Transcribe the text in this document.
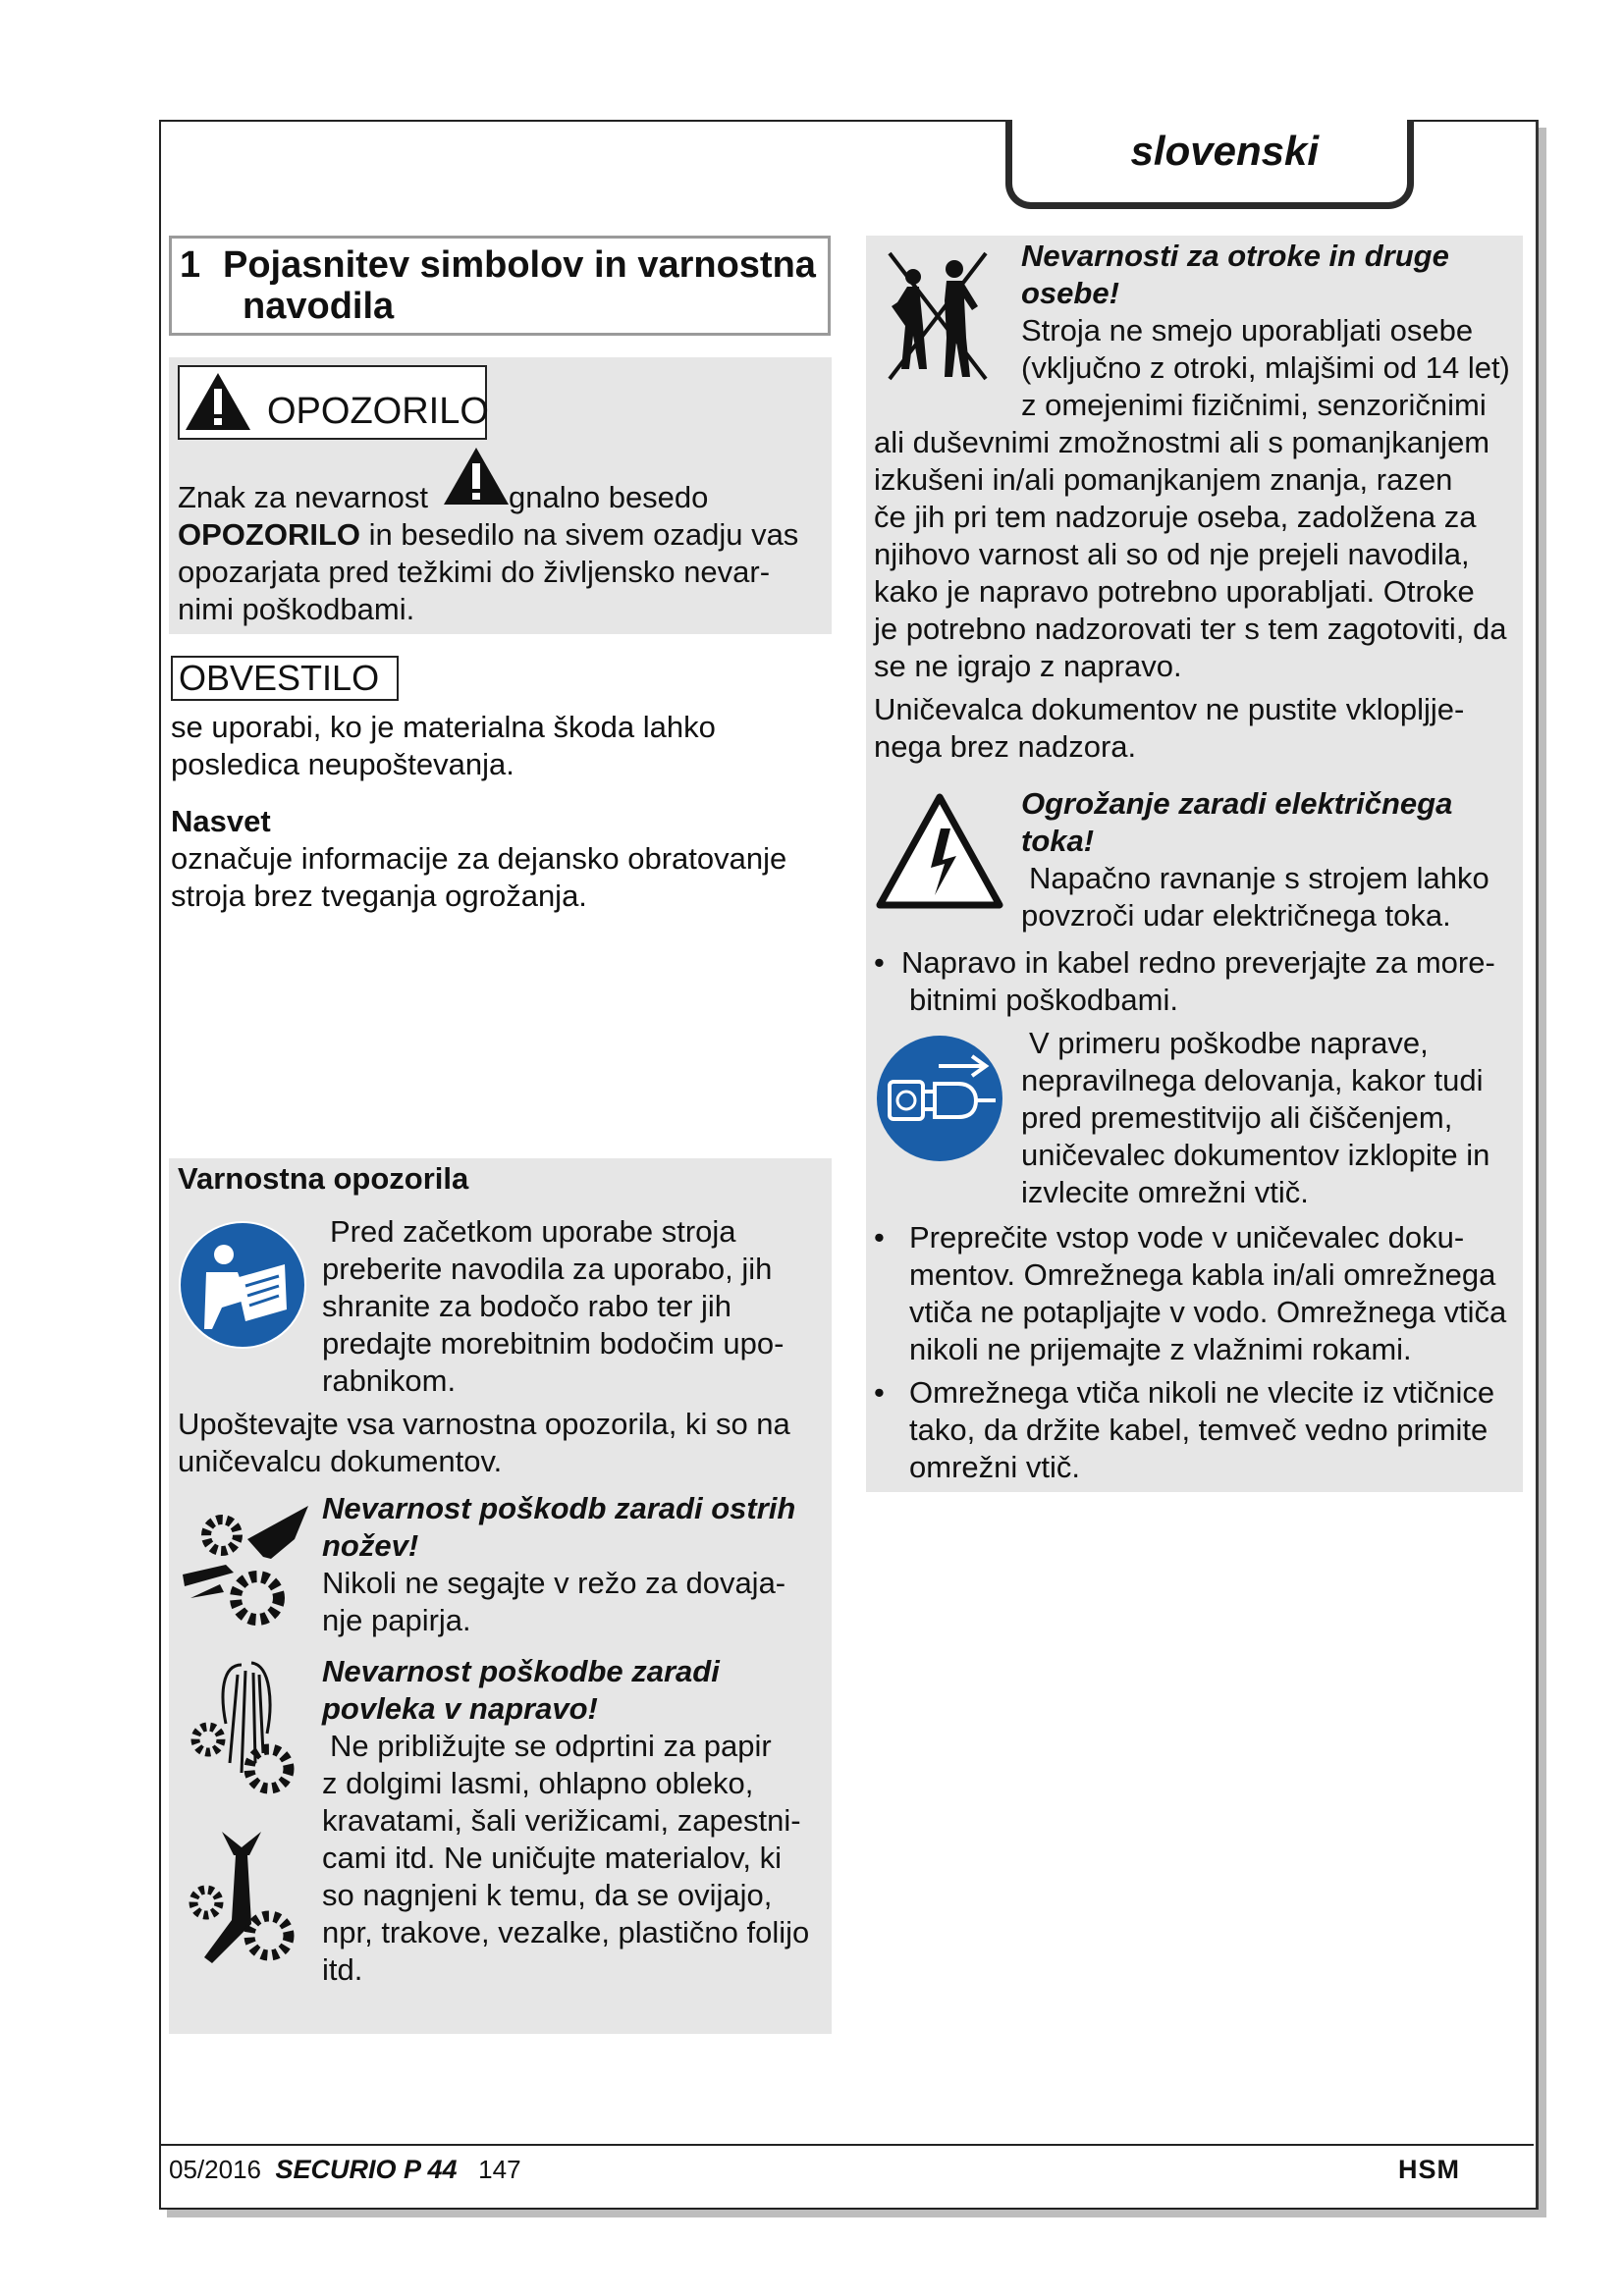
slovenski
1 Pojasnitev simbolov in varnostna
navodila
OPOZORILO
Znak za nevarnost	gnalno besedo
OPOZORILO in besedilo na sivem ozadju vas
opozarjata pred težkimi do življensko nevar-
nimi poškodbami.
OBVESTILO
se uporabi, ko je materialna škoda lahko
posledica neupoštevanja.
Nasvet
označuje informacije za dejansko obratovanje
stroja brez tveganja ogrožanja.
Varnostna opozorila
Pred začetkom uporabe stroja
preberite navodila za uporabo, jih
shranite za bodočo rabo ter jih
predajte morebitnim bodočim upo-
rabnikom.
Upoštevajte vsa varnostna opozorila, ki so na
uničevalcu dokumentov.
Nevarnost poškodb zaradi ostrih
nožev!
Nikoli ne segajte v režo za dovaja-
nje papirja.
Nevarnost poškodbe zaradi
povleka v napravo!
Ne približujte se odprtini za papir
z dolgimi lasmi, ohlapno obleko,
kravatami, šali verižicami, zapestni-
cami itd. Ne uničujte materialov, ki
so nagnjeni k temu, da se ovijajo,
npr, trakove, vezalke, plastično folijo
itd.
Nevarnosti za otroke in druge
osebe!
Stroja ne smejo uporabljati osebe
(vključno z otroki, mlajšimi od 14 let)
z omejenimi fizičnimi, senzoričnimi
ali duševnimi zmožnostmi ali s pomanjkanjem
izkušeni in/ali pomanjkanjem znanja, razen
če jih pri tem nadzoruje oseba, zadolžena za
njihovo varnost ali so od nje prejeli navodila,
kako je napravo potrebno uporabljati. Otroke
je potrebno nadzorovati ter s tem zagotoviti, da
se ne igrajo z napravo.
Uničevalca dokumentov ne pustite vklopljje-
nega brez nadzora.
Ogrožanje zaradi električnega
toka!
Napačno ravnanje s strojem lahko
povzroči udar električnega toka.
• Napravo in kabel redno preverjajte za more-
bitnimi poškodbami.
V primeru poškodbe naprave,
nepravilnega delovanja, kakor tudi
pred premestitvijo ali čiščenjem,
uničevalec dokumentov izklopite in
izvlecite omrežni vtič.
• Preprečite vstop vode v uničevalec doku-
mentov. Omrežnega kabla in/ali omrežnega
vtiča ne potapljajte v vodo. Omrežnega vtiča
nikoli ne prijemajte z vlažnimi rokami.
• Omrežnega vtiča nikoli ne vlecite iz vtičnice
tako, da držite kabel, temveč vedno primite
omrežni vtič.
05/2016 SECURIO P 44 147	HSM
